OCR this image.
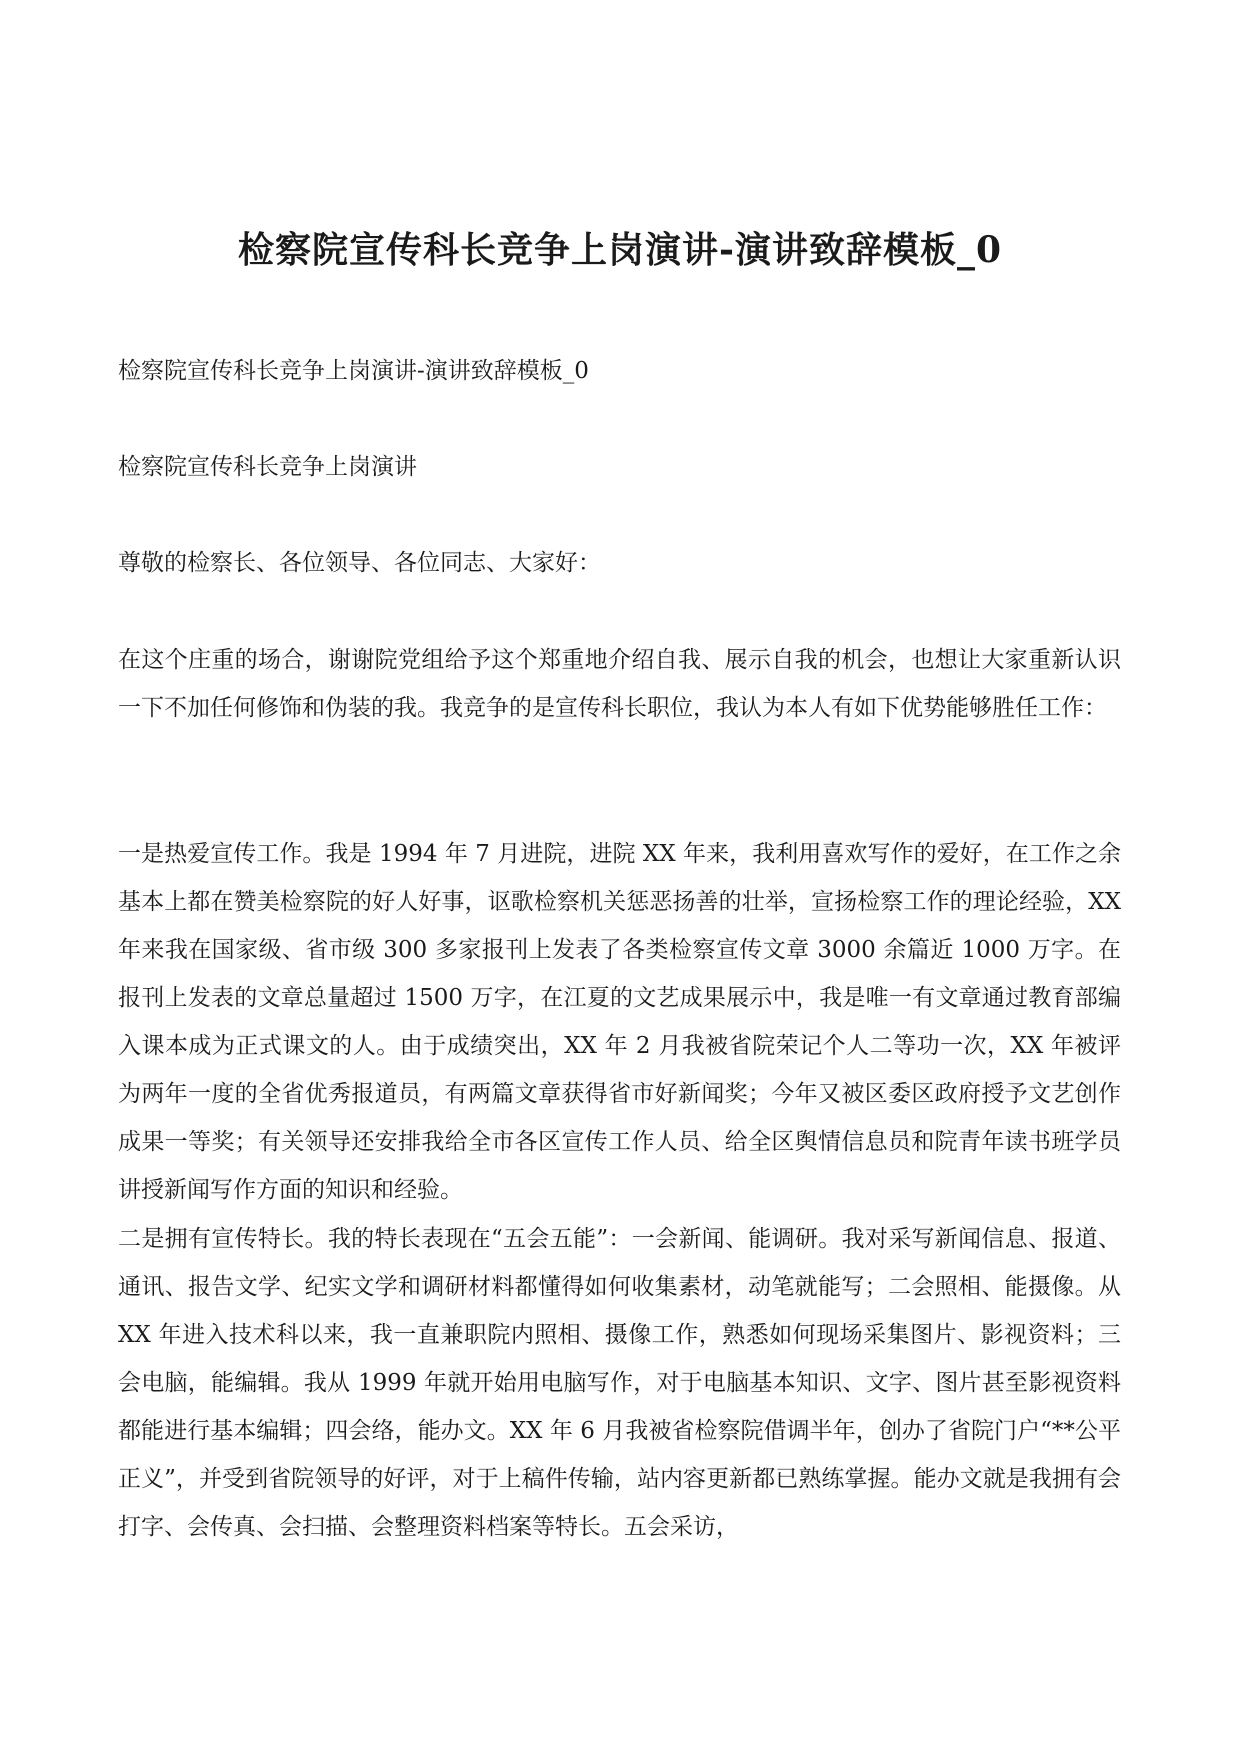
检察院宣传科长竞争上岗演讲-演讲致辞模板_0

检察院宣传科长竞争上岗演讲-演讲致辞模板_0

检察院宣传科长竞争上岗演讲

尊敬的检察长、各位领导、各位同志、大家好：

在这个庄重的场合，谢谢院党组给予这个郑重地介绍自我、展示自我的机会，也想让大家重新认识一下不加任何修饰和伪装的我。我竞争的是宣传科长职位，我认为本人有如下优势能够胜任工作：

一是热爱宣传工作。我是 1994 年 7 月进院，进院 XX 年来，我利用喜欢写作的爱好，在工作之余基本上都在赞美检察院的好人好事，讴歌检察机关惩恶扬善的壮举，宣扬检察工作的理论经验，XX 年来我在国家级、省市级 300 多家报刊上发表了各类检察宣传文章 3000 余篇近 1000 万字。在报刊上发表的文章总量超过 1500 万字，在江夏的文艺成果展示中，我是唯一有文章通过教育部编入课本成为正式课文的人。由于成绩突出，XX 年 2 月我被省院荣记个人二等功一次，XX 年被评为两年一度的全省优秀报道员，有两篇文章获得省市好新闻奖；今年又被区委区政府授予文艺创作成果一等奖；有关领导还安排我给全市各区宣传工作人员、给全区舆情信息员和院青年读书班学员讲授新闻写作方面的知识和经验。

二是拥有宣传特长。我的特长表现在“五会五能”：一会新闻、能调研。我对采写新闻信息、报道、通讯、报告文学、纪实文学和调研材料都懂得如何收集素材，动笔就能写；二会照相、能摄像。从 XX 年进入技术科以来，我一直兼职院内照相、摄像工作，熟悉如何现场采集图片、影视资料；三会电脑，能编辑。我从 1999 年就开始用电脑写作，对于电脑基本知识、文字、图片甚至影视资料都能进行基本编辑；四会络，能办文。XX 年 6 月我被省检察院借调半年，创办了省院门户“**公平正义”，并受到省院领导的好评，对于上稿件传输，站内容更新都已熟练掌握。能办文就是我拥有会打字、会传真、会扫描、会整理资料档案等特长。五会采访，
